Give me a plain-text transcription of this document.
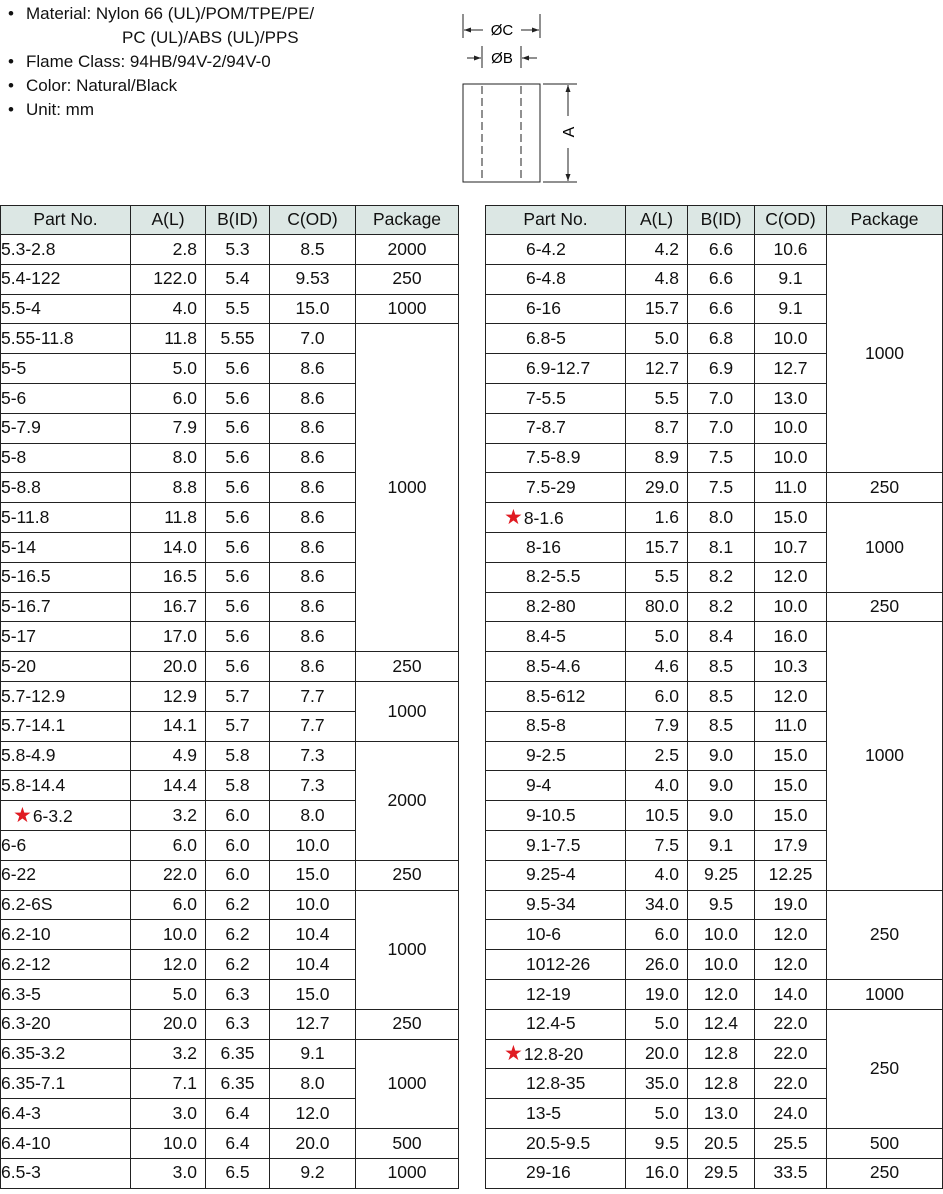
• Material: Nylon 66 (UL)/POM/TPE/PE/
PC (UL)/ABS (UL)/PPS
• Flame Class: 94HB/94V-2/94V-0
• Color: Natural/Black
• Unit: mm
ØC
ØB
A
Part No.	A(L)	B(ID)	C(OD)	Package
5.3-2.8	2.8	5.3	8.5	2000
5.4-122	122.0	5.4	9.53	250
5.5-4	4.0	5.5	15.0	1000
5.55-11.8	11.8	5.55	7.0	1000
5-5	5.0	5.6	8.6	
5-6	6.0	5.6	8.6	
5-7.9	7.9	5.6	8.6	
5-8	8.0	5.6	8.6	
5-8.8	8.8	5.6	8.6	
5-11.8	11.8	5.6	8.6	
5-14	14.0	5.6	8.6	
5-16.5	16.5	5.6	8.6	
5-16.7	16.7	5.6	8.6	
5-17	17.0	5.6	8.6	
5-20	20.0	5.6	8.6	250
5.7-12.9	12.9	5.7	7.7	1000
5.7-14.1	14.1	5.7	7.7	
5.8-4.9	4.9	5.8	7.3	2000
5.8-14.4	14.4	5.8	7.3	
★6-3.2	3.2	6.0	8.0	
6-6	6.0	6.0	10.0	
6-22	22.0	6.0	15.0	250
6.2-6S	6.0	6.2	10.0	1000
6.2-10	10.0	6.2	10.4	
6.2-12	12.0	6.2	10.4	
6.3-5	5.0	6.3	15.0	
6.3-20	20.0	6.3	12.7	250
6.35-3.2	3.2	6.35	9.1	1000
6.35-7.1	7.1	6.35	8.0	
6.4-3	3.0	6.4	12.0	
6.4-10	10.0	6.4	20.0	500
6.5-3	3.0	6.5	9.2	1000
Part No.	A(L)	B(ID)	C(OD)	Package
6-4.2	4.2	6.6	10.6	1000
6-4.8	4.8	6.6	9.1	
6-16	15.7	6.6	9.1	
6.8-5	5.0	6.8	10.0	
6.9-12.7	12.7	6.9	12.7	
7-5.5	5.5	7.0	13.0	
7-8.7	8.7	7.0	10.0	
7.5-8.9	8.9	7.5	10.0	
7.5-29	29.0	7.5	11.0	250
★8-1.6	1.6	8.0	15.0	1000
8-16	15.7	8.1	10.7	
8.2-5.5	5.5	8.2	12.0	
8.2-80	80.0	8.2	10.0	250
8.4-5	5.0	8.4	16.0	1000
8.5-4.6	4.6	8.5	10.3	
8.5-612	6.0	8.5	12.0	
8.5-8	7.9	8.5	11.0	
9-2.5	2.5	9.0	15.0	
9-4	4.0	9.0	15.0	
9-10.5	10.5	9.0	15.0	
9.1-7.5	7.5	9.1	17.9	
9.25-4	4.0	9.25	12.25	
9.5-34	34.0	9.5	19.0	250
10-6	6.0	10.0	12.0	
1012-26	26.0	10.0	12.0	
12-19	19.0	12.0	14.0	1000
12.4-5	5.0	12.4	22.0	250
★12.8-20	20.0	12.8	22.0	
12.8-35	35.0	12.8	22.0	
13-5	5.0	13.0	24.0	
20.5-9.5	9.5	20.5	25.5	500
29-16	16.0	29.5	33.5	250
